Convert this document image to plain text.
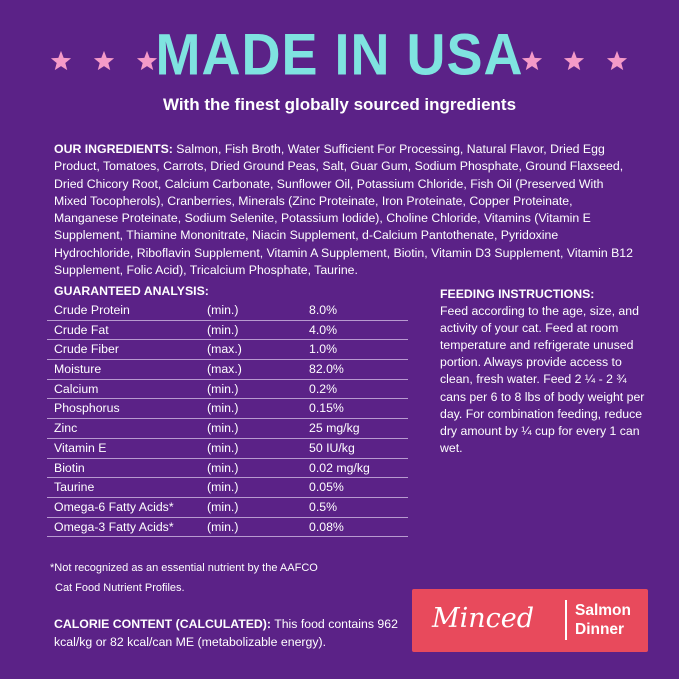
MADE IN USA
With the finest globally sourced ingredients
OUR INGREDIENTS: Salmon, Fish Broth, Water Sufficient For Processing, Natural Flavor, Dried Egg Product, Tomatoes, Carrots, Dried Ground Peas, Salt, Guar Gum, Sodium Phosphate, Ground Flaxseed, Dried Chicory Root, Calcium Carbonate, Sunflower Oil, Potassium Chloride, Fish Oil (Preserved With Mixed Tocopherols), Cranberries, Minerals (Zinc Proteinate, Iron Proteinate, Copper Proteinate, Manganese Proteinate, Sodium Selenite, Potassium Iodide), Choline Chloride, Vitamins (Vitamin E Supplement, Thiamine Mononitrate, Niacin Supplement, d-Calcium Pantothenate, Pyridoxine Hydrochloride, Riboflavin Supplement, Vitamin A Supplement, Biotin, Vitamin D3 Supplement, Vitamin B12 Supplement, Folic Acid), Tricalcium Phosphate, Taurine.
GUARANTEED ANALYSIS:
Crude Protein	(min.)	8.0%
Crude Fat	(min.)	4.0%
Crude Fiber	(max.)	1.0%
Moisture	(max.)	82.0%
Calcium	(min.)	0.2%
Phosphorus	(min.)	0.15%
Zinc	(min.)	25 mg/kg
Vitamin E	(min.)	50 IU/kg
Biotin	(min.)	0.02 mg/kg
Taurine	(min.)	0.05%
Omega-6 Fatty Acids*	(min.)	0.5%
Omega-3 Fatty Acids*	(min.)	0.08%
FEEDING INSTRUCTIONS:
Feed according to the age, size, and activity of your cat. Feed at room temperature and refrigerate unused portion. Always provide access to clean, fresh water. Feed 2 ¼ - 2 ¾ cans per 6 to 8 lbs of body weight per day. For combination feeding, reduce dry amount by ¼ cup for every 1 can wet.
*Not recognized as an essential nutrient by the AAFCO
Cat Food Nutrient Profiles.
CALORIE CONTENT (CALCULATED): This food contains 962 kcal/kg or 82 kcal/can ME (metabolizable energy).
Minced	Salmon
Dinner
